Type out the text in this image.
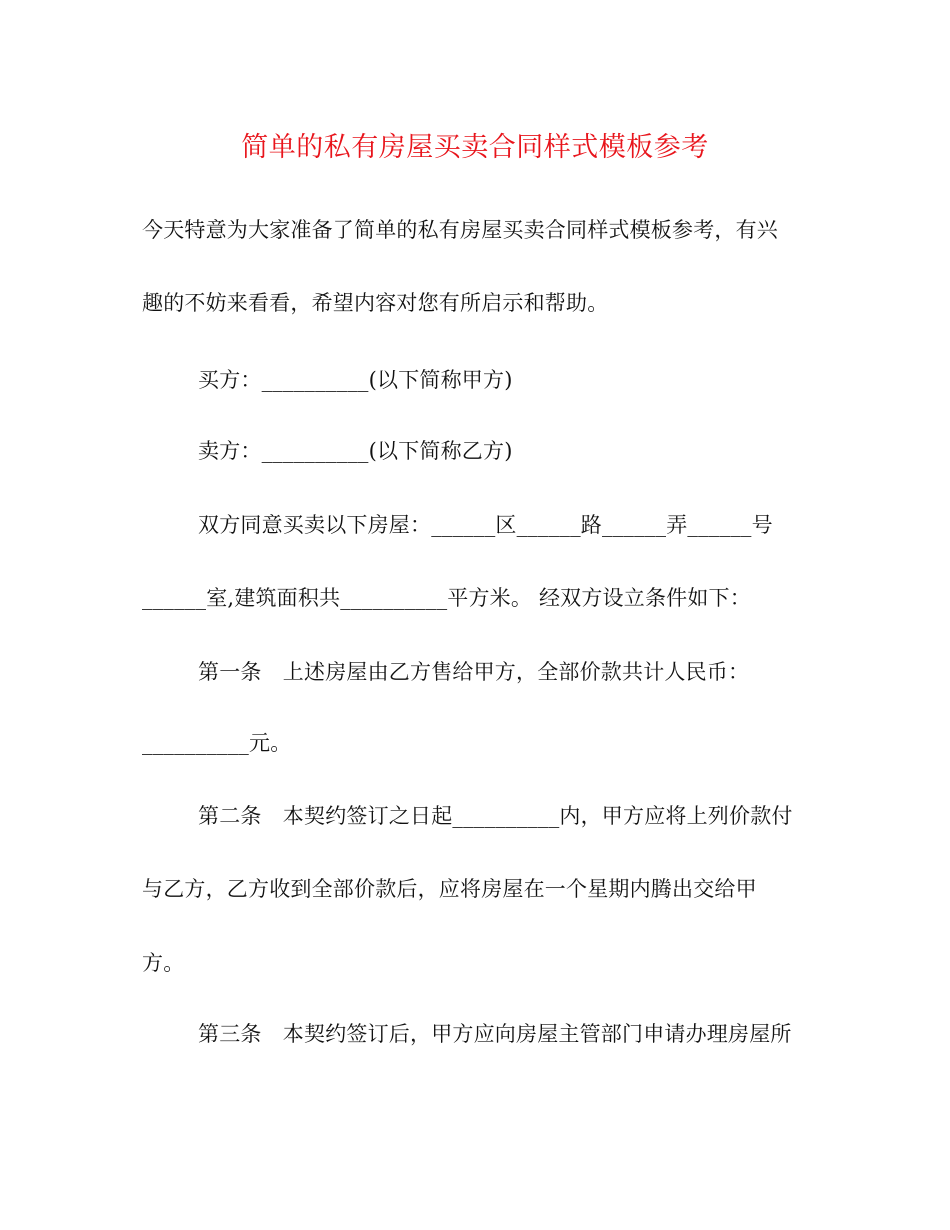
简单的私有房屋买卖合同样式模板参考
今天特意为大家准备了简单的私有房屋买卖合同样式模板参考，有兴
趣的不妨来看看，希望内容对您有所启示和帮助。
买方：__________(以下简称甲方)
卖方：__________(以下简称乙方)
双方同意买卖以下房屋：______区______路______弄______号
______室,建筑面积共__________平方米。 经双方设立条件如下：
第一条　上述房屋由乙方售给甲方，全部价款共计人民币：
__________元。
第二条　本契约签订之日起__________内，甲方应将上列价款付
与乙方，乙方收到全部价款后，应将房屋在一个星期内腾出交给甲
方。
第三条　本契约签订后，甲方应向房屋主管部门申请办理房屋所
